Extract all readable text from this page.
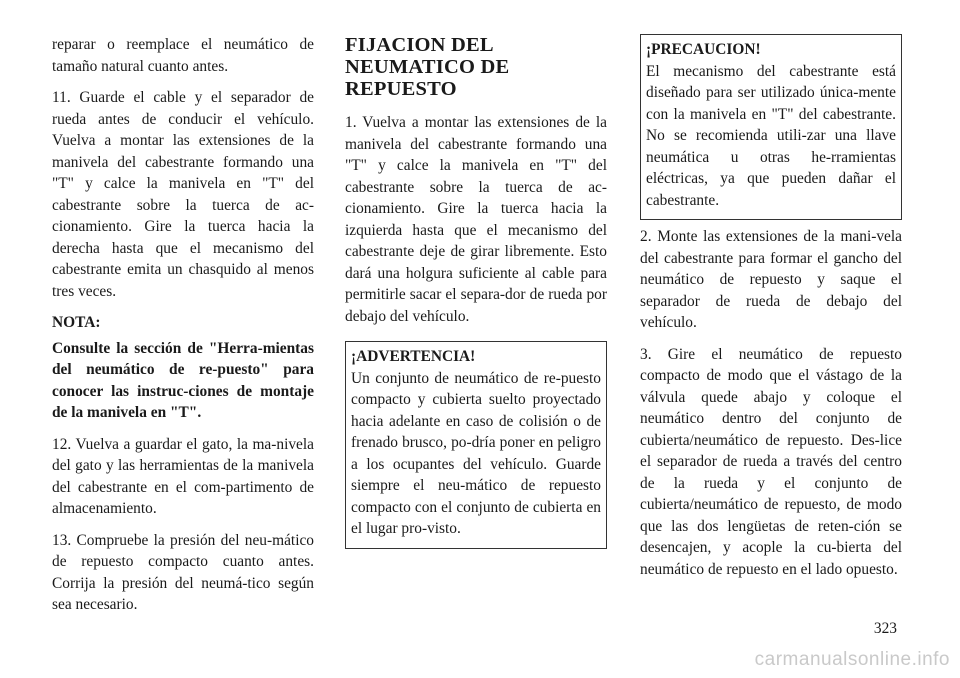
reparar o reemplace el neumático de tamaño natural cuanto antes.

11. Guarde el cable y el separador de rueda antes de conducir el vehículo. Vuelva a montar las extensiones de la manivela del cabestrante formando una "T" y calce la manivela en "T" del cabestrante sobre la tuerca de ac-cionamiento. Gire la tuerca hacia la derecha hasta que el mecanismo del cabestrante emita un chasquido al menos tres veces.

NOTA:

Consulte la sección de "Herra-mientas del neumático de re-puesto" para conocer las instruc-ciones de montaje de la manivela en "T".

12. Vuelva a guardar el gato, la ma-nivela del gato y las herramientas de la manivela del cabestrante en el com-partimento de almacenamiento.

13. Compruebe la presión del neu-mático de repuesto compacto cuanto antes. Corrija la presión del neumá-tico según sea necesario.

FIJACION DEL NEUMATICO DE REPUESTO

1. Vuelva a montar las extensiones de la manivela del cabestrante formando una "T" y calce la manivela en "T" del cabestrante sobre la tuerca de ac-cionamiento. Gire la tuerca hacia la izquierda hasta que el mecanismo del cabestrante deje de girar libremente. Esto dará una holgura suficiente al cable para permitirle sacar el separa-dor de rueda por debajo del vehículo.

¡ADVERTENCIA!

Un conjunto de neumático de re-puesto compacto y cubierta suelto proyectado hacia adelante en caso de colisión o de frenado brusco, po-dría poner en peligro a los ocupantes del vehículo. Guarde siempre el neu-mático de repuesto compacto con el conjunto de cubierta en el lugar pro-visto.

¡PRECAUCION!

El mecanismo del cabestrante está diseñado para ser utilizado única-mente con la manivela en "T" del cabestrante. No se recomienda utili-zar una llave neumática u otras he-rramientas eléctricas, ya que pueden dañar el cabestrante.

2. Monte las extensiones de la mani-vela del cabestrante para formar el gancho del neumático de repuesto y saque el separador de rueda de debajo del vehículo.

3. Gire el neumático de repuesto compacto de modo que el vástago de la válvula quede abajo y coloque el neumático dentro del conjunto de cubierta/neumático de repuesto. Des-lice el separador de rueda a través del centro de la rueda y el conjunto de cubierta/neumático de repuesto, de modo que las dos lengüetas de reten-ción se desencajen, y acople la cu-bierta del neumático de repuesto en el lado opuesto.

323
carmanualsonline.info
